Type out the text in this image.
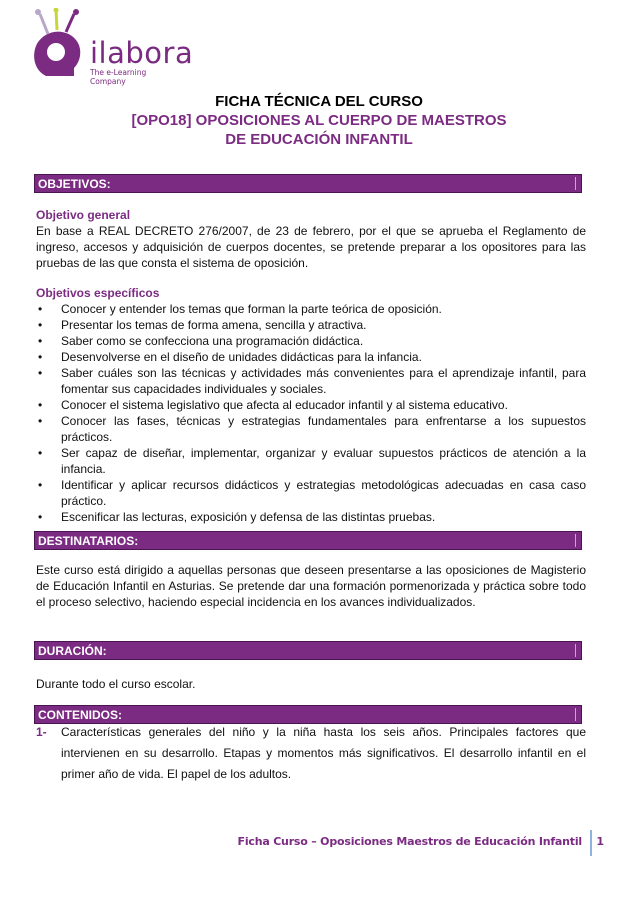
ilabora
The e-Learning Company
FICHA TÉCNICA DEL CURSO
[OPO18] OPOSICIONES AL CUERPO DE MAESTROS
DE EDUCACIÓN INFANTIL
OBJETIVOS:
Objetivo general

En base a REAL DECRETO 276/2007, de 23 de febrero, por el que se aprueba el Reglamento de ingreso, accesos y adquisición de cuerpos docentes, se pretende preparar a los opositores para las pruebas de las que consta el sistema de oposición.

Objetivos específicos
• Conocer y entender los temas que forman la parte teórica de oposición.
• Presentar los temas de forma amena, sencilla y atractiva.
• Saber como se confecciona una programación didáctica.
• Desenvolverse en el diseño de unidades didácticas para la infancia.
• Saber cuáles son las técnicas y actividades más convenientes para el aprendizaje infantil, para fomentar sus capacidades individuales y sociales.
• Conocer el sistema legislativo que afecta al educador infantil y al sistema educativo.
• Conocer las fases, técnicas y estrategias fundamentales para enfrentarse a los supuestos prácticos.
• Ser capaz de diseñar, implementar, organizar y evaluar supuestos prácticos de atención a la infancia.
• Identificar y aplicar recursos didácticos y estrategias metodológicas adecuadas en casa caso práctico.
• Escenificar las lecturas, exposición y defensa de las distintas pruebas.
DESTINATARIOS:

Este curso está dirigido a aquellas personas que deseen presentarse a las oposiciones de Magisterio de Educación Infantil en Asturias. Se pretende dar una formación pormenorizada y práctica sobre todo el proceso selectivo, haciendo especial incidencia en los avances individualizados.

DURACIÓN:

Durante todo el curso escolar.

CONTENIDOS:
1- Características generales del niño y la niña hasta los seis años. Principales factores que intervienen en su desarrollo. Etapas y momentos más significativos. El desarrollo infantil en el primer año de vida. El papel de los adultos.
Ficha Curso – Oposiciones Maestros de Educación Infantil 1
